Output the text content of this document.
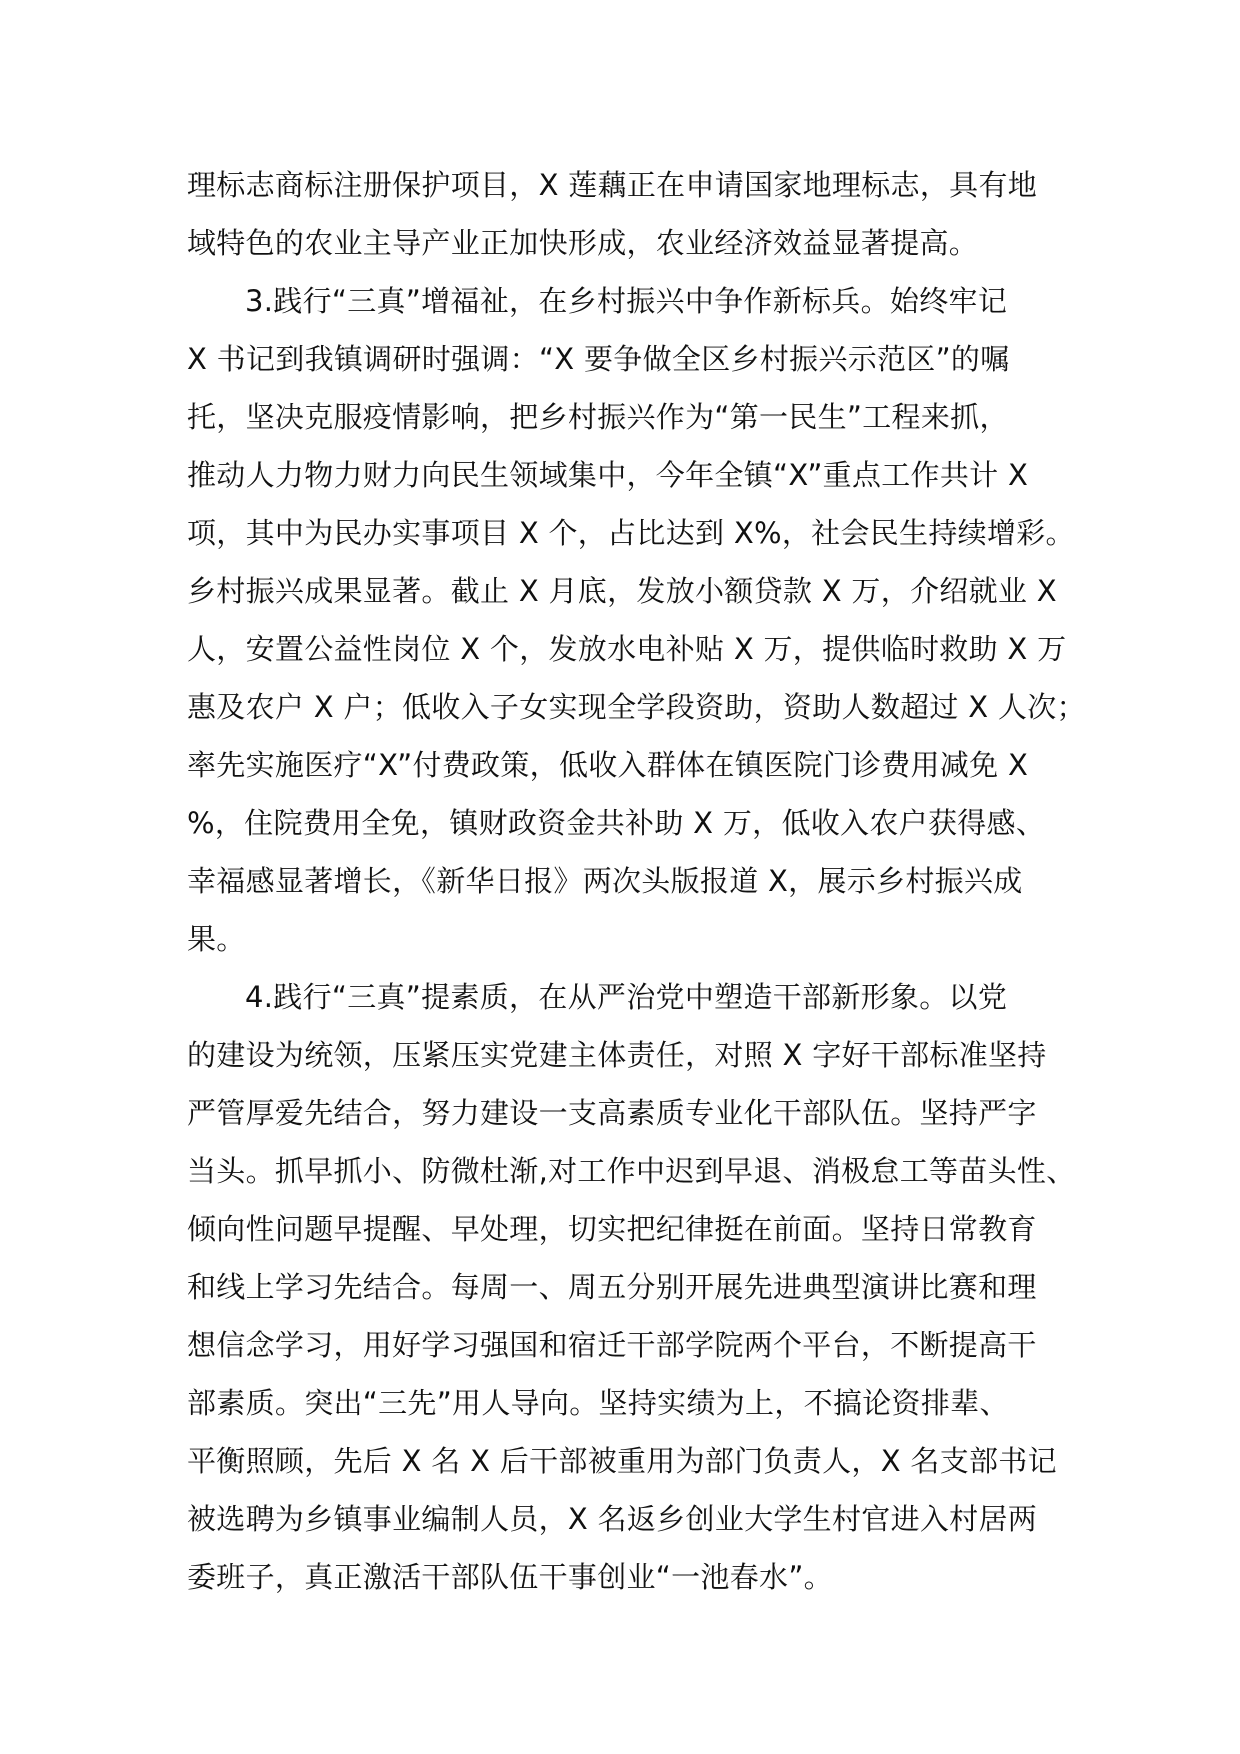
理标志商标注册保护项目，X 莲藕正在申请国家地理标志，具有地
域特色的农业主导产业正加快形成，农业经济效益显著提高。
3.践行“三真”增福祉，在乡村振兴中争作新标兵。始终牢记
X 书记到我镇调研时强调：“X 要争做全区乡村振兴示范区”的嘱
托，坚决克服疫情影响，把乡村振兴作为“第一民生”工程来抓，
推动人力物力财力向民生领域集中，今年全镇“X”重点工作共计 X
项，其中为民办实事项目 X 个，占比达到 X%，社会民生持续增彩。
乡村振兴成果显著。截止 X 月底，发放小额贷款 X 万，介绍就业 X
人，安置公益性岗位 X 个，发放水电补贴 X 万，提供临时救助 X 万
惠及农户 X 户；低收入子女实现全学段资助，资助人数超过 X 人次；
率先实施医疗“X”付费政策，低收入群体在镇医院门诊费用减免 X
%，住院费用全免，镇财政资金共补助 X 万，低收入农户获得感、
幸福感显著增长，《新华日报》两次头版报道 X，展示乡村振兴成
果。
4.践行“三真”提素质，在从严治党中塑造干部新形象。以党
的建设为统领，压紧压实党建主体责任，对照 X 字好干部标准坚持
严管厚爱先结合，努力建设一支高素质专业化干部队伍。坚持严字
当头。抓早抓小、防微杜渐,对工作中迟到早退、消极怠工等苗头性、
倾向性问题早提醒、早处理，切实把纪律挺在前面。坚持日常教育
和线上学习先结合。每周一、周五分别开展先进典型演讲比赛和理
想信念学习，用好学习强国和宿迁干部学院两个平台，不断提高干
部素质。突出“三先”用人导向。坚持实绩为上，不搞论资排辈、
平衡照顾，先后 X 名 X 后干部被重用为部门负责人，X 名支部书记
被选聘为乡镇事业编制人员，X 名返乡创业大学生村官进入村居两
委班子，真正激活干部队伍干事创业“一池春水”。
